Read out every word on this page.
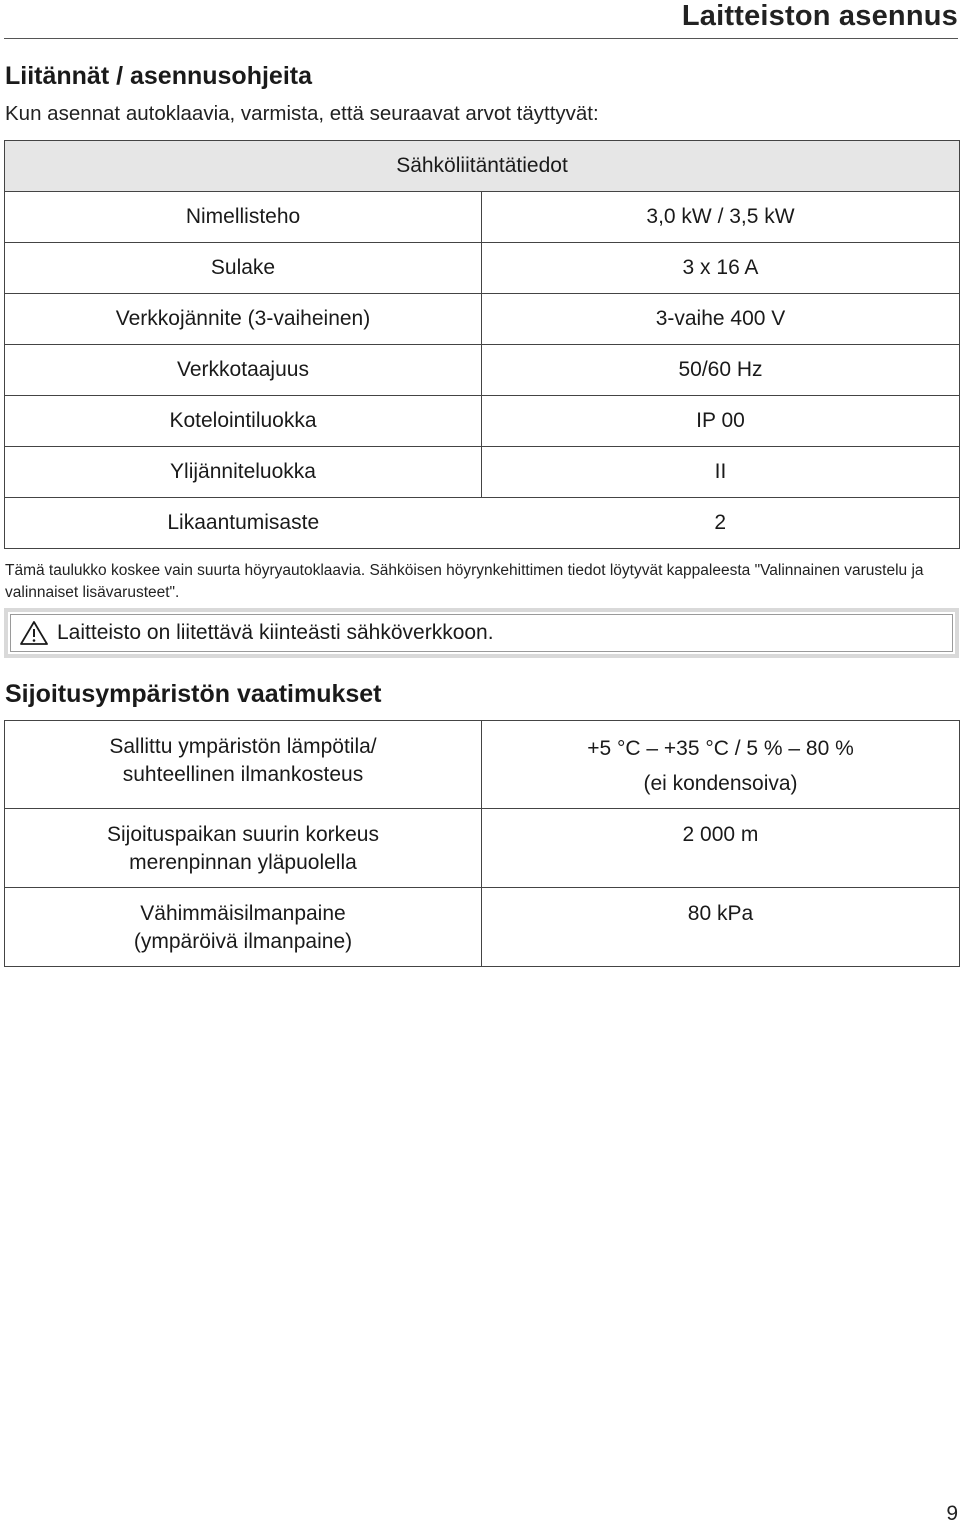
Laitteiston asennus
Liitännät / asennusohjeita
Kun asennat autoklaavia, varmista, että seuraavat arvot täyttyvät:
Sähköliitäntätiedot	
Nimellisteho	3,0 kW / 3,5 kW
Sulake	3 x 16 A
Verkkojännite (3-vaiheinen)	3-vaihe 400 V
Verkkotaajuus	50/60 Hz
Kotelointiluokka	IP 00
Ylijänniteluokka	II
Likaantumisaste	2
Tämä taulukko koskee vain suurta höyryautoklaavia. Sähköisen höyrynkehittimen tiedot löytyvät kappaleesta "Valinnainen varustelu ja valinnaiset lisävarusteet".
Laitteisto on liitettävä kiinteästi sähköverkkoon.
Sijoitusympäristön vaatimukset
Sallittu ympäristön lämpötila/
suhteellinen ilmankosteus	+5 °C – +35 °C / 5 % – 80 %
(ei kondensoiva)
Sijoituspaikan suurin korkeus
merenpinnan yläpuolella	2 000 m
Vähimmäisilmanpaine
(ympäröivä ilmanpaine)	80 kPa
9
